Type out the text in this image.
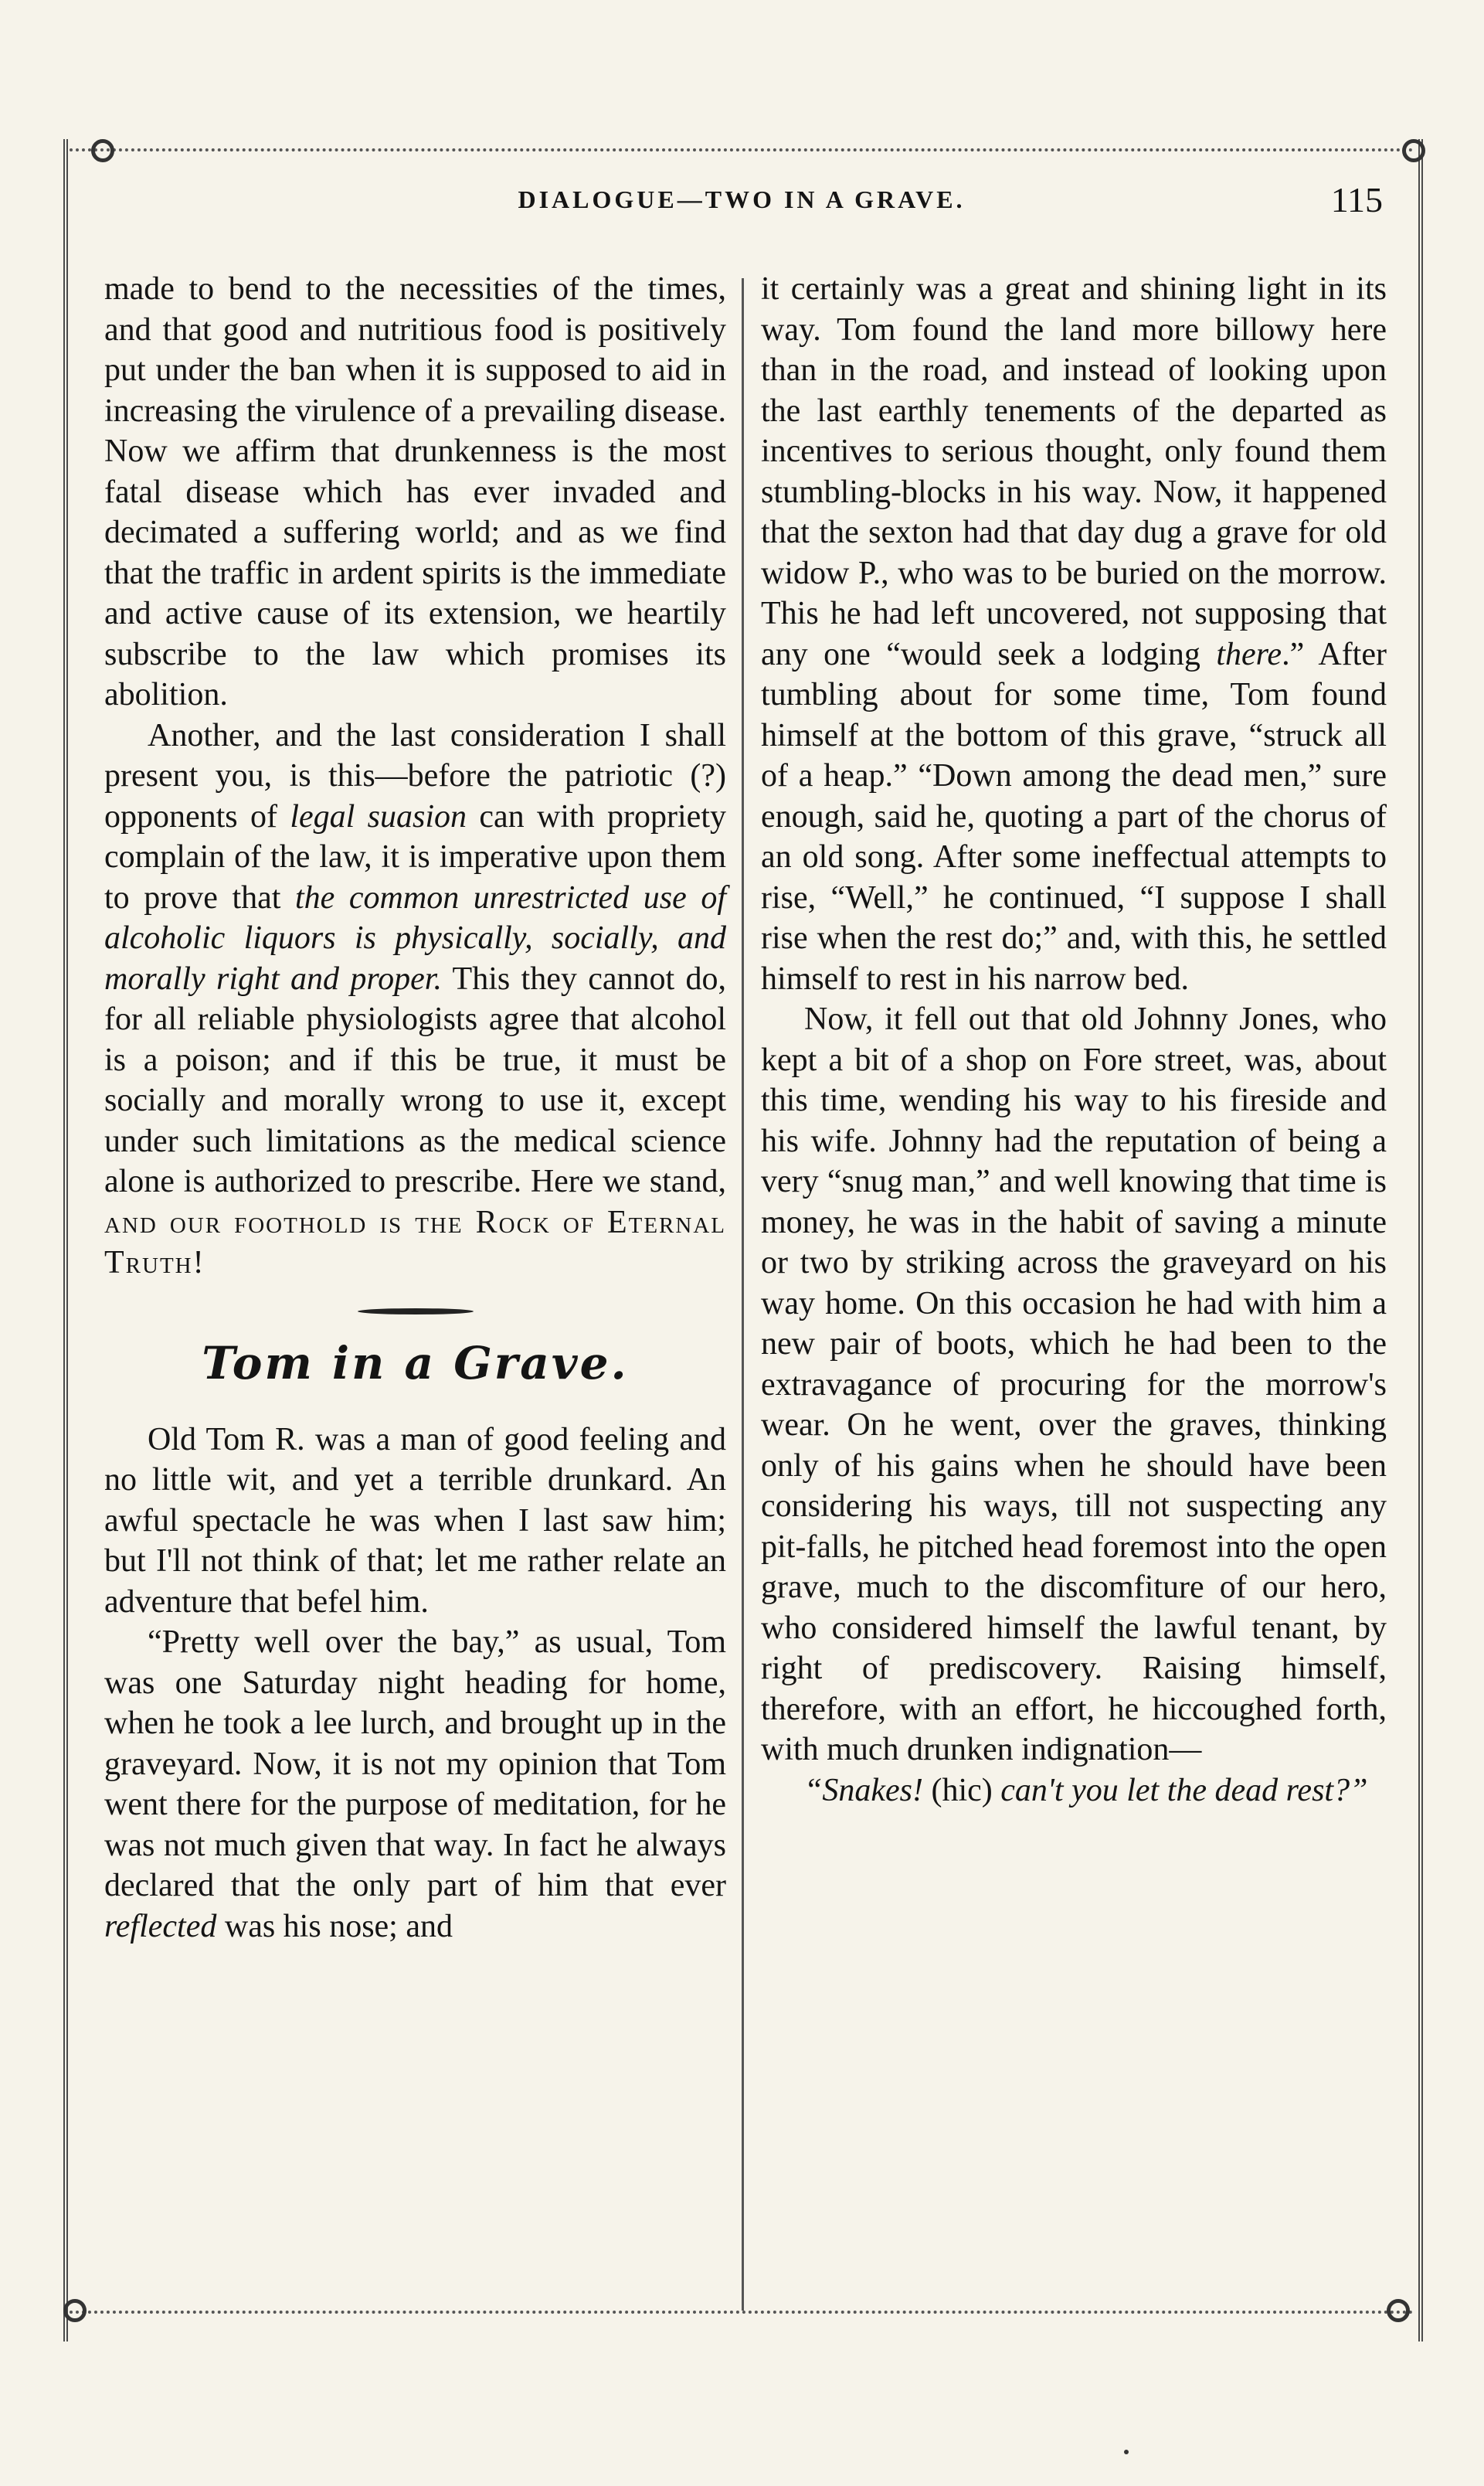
DIALOGUE—TWO IN A GRAVE.	115

made to bend to the necessities of the times, and that good and nutritious food is positively put under the ban when it is supposed to aid in increasing the virulence of a prevailing disease. Now we affirm that drunkenness is the most fatal disease which has ever invaded and decimated a suffering world; and as we find that the traffic in ardent spirits is the immediate and active cause of its extension, we heartily subscribe to the law which promises its abolition.

Another, and the last consideration I shall present you, is this—before the patriotic (?) opponents of legal suasion can with propriety complain of the law, it is imperative upon them to prove that the common unrestricted use of alcoholic liquors is physically, socially, and morally right and proper. This they cannot do, for all reliable physiologists agree that alcohol is a poison; and if this be true, it must be socially and morally wrong to use it, except under such limitations as the medical science alone is authorized to prescribe. Here we stand, and our foothold is the Rock of Eternal Truth!

Tom in a Grave.

Old Tom R. was a man of good feeling and no little wit, and yet a terrible drunkard. An awful spectacle he was when I last saw him; but I'll not think of that; let me rather relate an adventure that befel him.

“Pretty well over the bay,” as usual, Tom was one Saturday night heading for home, when he took a lee lurch, and brought up in the graveyard. Now, it is not my opinion that Tom went there for the purpose of meditation, for he was not much given that way. In fact he always declared that the only part of him that ever reflected was his nose; and

it certainly was a great and shining light in its way. Tom found the land more billowy here than in the road, and instead of looking upon the last earthly tenements of the departed as incentives to serious thought, only found them stumbling-blocks in his way. Now, it happened that the sexton had that day dug a grave for old widow P., who was to be buried on the morrow. This he had left uncovered, not supposing that any one “would seek a lodging there.” After tumbling about for some time, Tom found himself at the bottom of this grave, “struck all of a heap.” “Down among the dead men,” sure enough, said he, quoting a part of the chorus of an old song. After some ineffectual attempts to rise, “Well,” he continued, “I suppose I shall rise when the rest do;” and, with this, he settled himself to rest in his narrow bed.

Now, it fell out that old Johnny Jones, who kept a bit of a shop on Fore street, was, about this time, wending his way to his fireside and his wife. Johnny had the reputation of being a very “snug man,” and well knowing that time is money, he was in the habit of saving a minute or two by striking across the graveyard on his way home. On this occasion he had with him a new pair of boots, which he had been to the extravagance of procuring for the morrow's wear. On he went, over the graves, thinking only of his gains when he should have been considering his ways, till not suspecting any pit-falls, he pitched head foremost into the open grave, much to the discomfiture of our hero, who considered himself the lawful tenant, by right of prediscovery. Raising himself, therefore, with an effort, he hiccoughed forth, with much drunken indignation—

“Snakes! (hic) can't you let the dead rest?”
